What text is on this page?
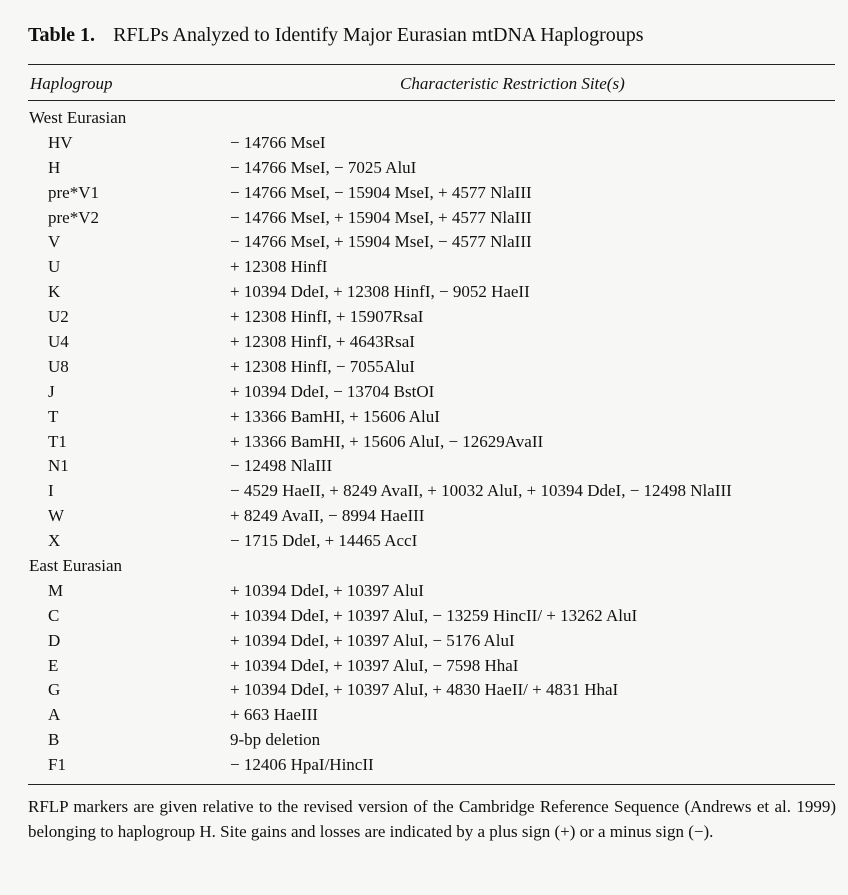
Table 1. RFLPs Analyzed to Identify Major Eurasian mtDNA Haplogroups
Haplogroup	Characteristic Restriction Site(s)
West Eurasian
HV	− 14766 MseI
H	− 14766 MseI, − 7025 AluI
pre*V1	− 14766 MseI, − 15904 MseI, + 4577 NlaIII
pre*V2	− 14766 MseI, + 15904 MseI, + 4577 NlaIII
V	− 14766 MseI, + 15904 MseI, − 4577 NlaIII
U	+ 12308 HinfI
K	+ 10394 DdeI, + 12308 HinfI, − 9052 HaeII
U2	+ 12308 HinfI, + 15907RsaI
U4	+ 12308 HinfI, + 4643RsaI
U8	+ 12308 HinfI, − 7055AluI
J	+ 10394 DdeI, − 13704 BstOI
T	+ 13366 BamHI, + 15606 AluI
T1	+ 13366 BamHI, + 15606 AluI, − 12629AvaII
N1	− 12498 NlaIII
I	− 4529 HaeII, + 8249 AvaII, + 10032 AluI, + 10394 DdeI, − 12498 NlaIII
W	+ 8249 AvaII, − 8994 HaeIII
X	− 1715 DdeI, + 14465 AccI
East Eurasian
M	+ 10394 DdeI, + 10397 AluI
C	+ 10394 DdeI, + 10397 AluI, − 13259 HincII/ + 13262 AluI
D	+ 10394 DdeI, + 10397 AluI, − 5176 AluI
E	+ 10394 DdeI, + 10397 AluI, − 7598 HhaI
G	+ 10394 DdeI, + 10397 AluI, + 4830 HaeII/ + 4831 HhaI
A	+ 663 HaeIII
B	9-bp deletion
F1	− 12406 HpaI/HincII
RFLP markers are given relative to the revised version of the Cambridge Reference Sequence (Andrews et al. 1999) belonging to haplogroup H. Site gains and losses are indicated by a plus sign (+) or a minus sign (−).
